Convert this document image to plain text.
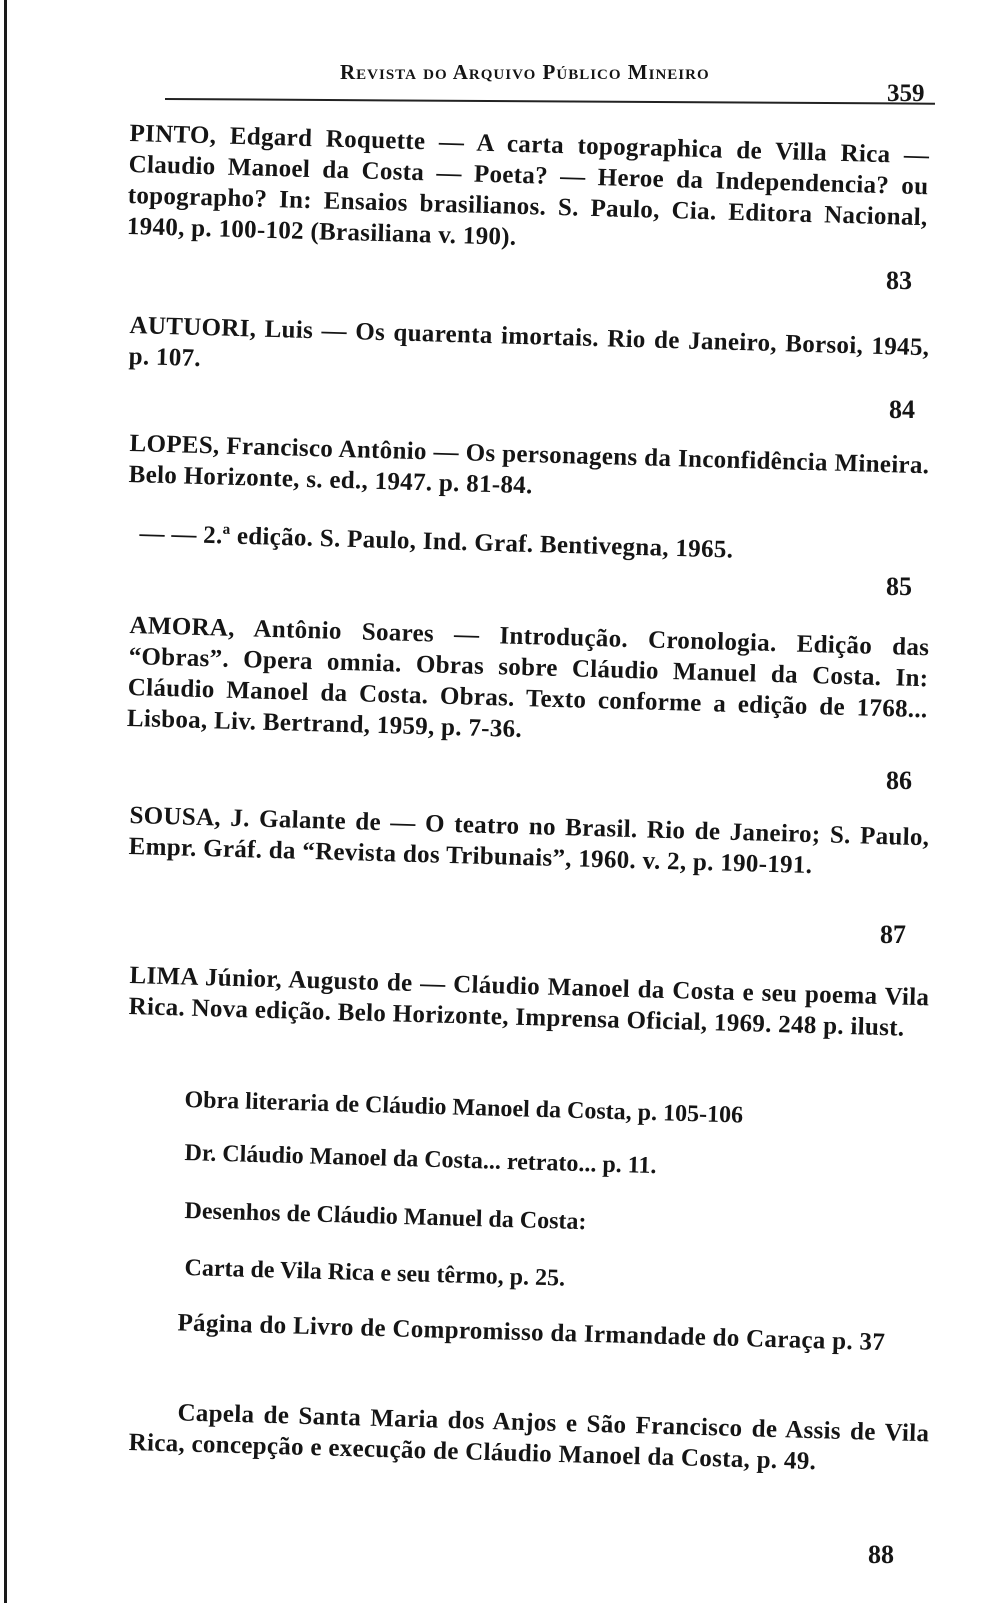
Revista do Arquivo Público Mineiro
359
PINTO, Edgard Roquette — A carta topographica de Villa Rica — Claudio Manoel da Costa — Poeta? — Heroe da Independencia? ou topographo? In: Ensaios brasilianos. S. Paulo, Cia. Editora Nacional, 1940, p. 100-102 (Brasiliana v. 190).
83
AUTUORI, Luis — Os quarenta imortais. Rio de Janeiro, Borsoi, 1945, p. 107.
84
LOPES, Francisco Antônio — Os personagens da Inconfidência Mineira. Belo Horizonte, s. ed., 1947. p. 81-84.
— — 2.ª edição. S. Paulo, Ind. Graf. Bentivegna, 1965.
85
AMORA, Antônio Soares — Introdução. Cronologia. Edição das “Obras”. Opera omnia. Obras sobre Cláudio Manuel da Costa. In: Cláudio Manoel da Costa. Obras. Texto conforme a edição de 1768... Lisboa, Liv. Bertrand, 1959, p. 7-36.
86
SOUSA, J. Galante de — O teatro no Brasil. Rio de Janeiro; S. Paulo, Empr. Gráf. da “Revista dos Tribunais”, 1960. v. 2, p. 190-191.
87
LIMA Júnior, Augusto de — Cláudio Manoel da Costa e seu poema Vila Rica. Nova edição. Belo Horizonte, Imprensa Oficial, 1969. 248 p. ilust.
Obra literaria de Cláudio Manoel da Costa, p. 105-106
Dr. Cláudio Manoel da Costa... retrato... p. 11.
Desenhos de Cláudio Manuel da Costa:
Carta de Vila Rica e seu têrmo, p. 25.
Página do Livro de Compromisso da Irmandade do Caraça p. 37
Capela de Santa Maria dos Anjos e São Francisco de Assis de Vila Rica, concepção e execução de Cláudio Manoel da Costa, p. 49.
88
